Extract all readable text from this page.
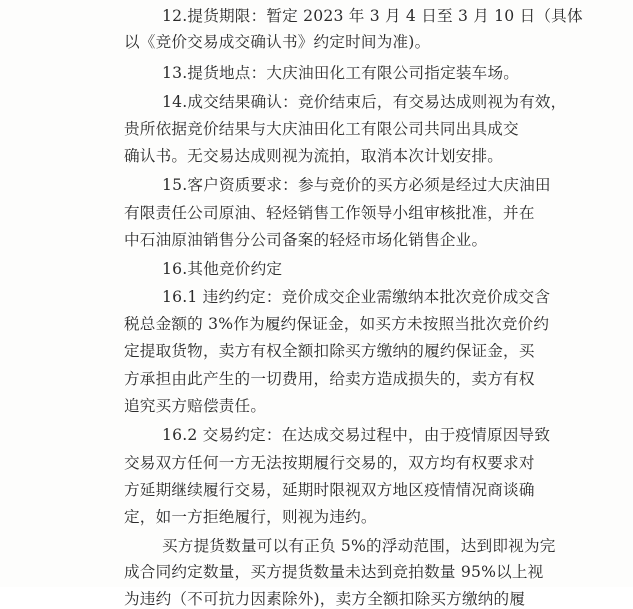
12.提货期限：暂定 2023 年 3 月 4 日至 3 月 10 日（具体
以《竞价交易成交确认书》约定时间为准)。
13.提货地点：大庆油田化工有限公司指定装车场。
14.成交结果确认：竞价结束后，有交易达成则视为有效，
贵所依据竞价结果与大庆油田化工有限公司共同出具成交
确认书。无交易达成则视为流拍，取消本次计划安排。
15.客户资质要求：参与竞价的买方必须是经过大庆油田
有限责任公司原油、轻烃销售工作领导小组审核批准，并在
中石油原油销售分公司备案的轻烃市场化销售企业。
16.其他竞价约定
16.1 违约约定：竞价成交企业需缴纳本批次竞价成交含
税总金额的 3%作为履约保证金，如买方未按照当批次竞价约
定提取货物，卖方有权全额扣除买方缴纳的履约保证金，买
方承担由此产生的一切费用，给卖方造成损失的，卖方有权
追究买方赔偿责任。
16.2 交易约定：在达成交易过程中，由于疫情原因导致
交易双方任何一方无法按期履行交易的，双方均有权要求对
方延期继续履行交易，延期时限视双方地区疫情情况商谈确
定，如一方拒绝履行，则视为违约。
买方提货数量可以有正负 5%的浮动范围，达到即视为完
成合同约定数量，买方提货数量未达到竞拍数量 95%以上视
为违约（不可抗力因素除外)，卖方全额扣除买方缴纳的履
